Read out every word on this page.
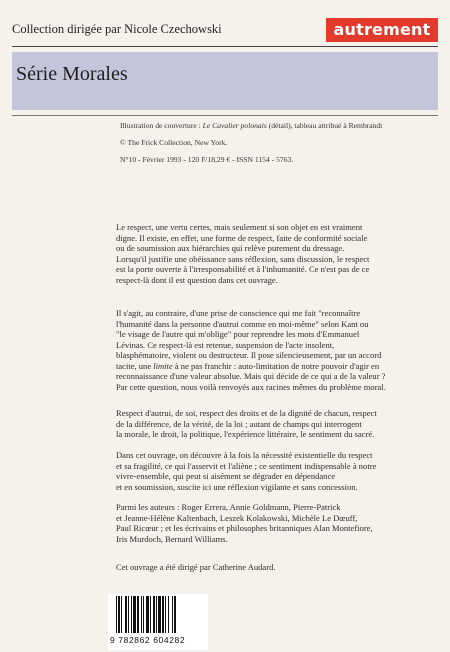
Collection dirigée par Nicole Czechowski	autrement
Série Morales
Illustration de couverture : Le Cavalier polonais (détail), tableau attribué à Rembrandt
© The Frick Collection, New York.
N°10 - Février 1993 - 120 F/18,29 € - ISSN 1154 - 5763.

Le respect, une vertu certes, mais seulement si son objet en est vraiment

digne. Il existe, en effet, une forme de respect, faite de conformité sociale

ou de soumission aux hiérarchies qui relève purement du dressage.

Lorsqu'il justifie une obéissance sans réflexion, sans discussion, le respect

est la porte ouverte à l'irresponsabilité et à l'inhumanité. Ce n'est pas de ce

respect-là dont il est question dans cet ouvrage.

Il s'agit, au contraire, d'une prise de conscience qui me fait "reconnaître

l'humanité dans la personne d'autrui comme en moi-même" selon Kant ou

"le visage de l'autre qui m'oblige" pour reprendre les mots d'Emmanuel

Lévinas. Ce respect-là est retenue, suspension de l'acte insolent,

blasphématoire, violent ou destructeur. Il pose silencieusement, par un accord

tacite, une limite à ne pas franchir : auto-limitation de notre pouvoir d'agir en

reconnaissance d'une valeur absolue. Mais qui décide de ce qui a de la valeur ?

Par cette question, nous voilà renvoyés aux racines mêmes du problème moral.

Respect d'autrui, de soi, respect des droits et de la dignité de chacun, respect

de la différence, de la vérité, de la loi ; autant de champs qui interrogent

la morale, le droit, la politique, l'expérience littéraire, le sentiment du sacré.

Dans cet ouvrage, on découvre à la fois la nécessité existentielle du respect

et sa fragilité, ce qui l'asservit et l'aliène ; ce sentiment indispensable à notre

vivre-ensemble, qui peut si aisément se dégrader en dépendance

et en soumission, suscite ici une réflexion vigilante et sans concession.

Parmi les auteurs : Roger Errera, Annie Goldmann, Pierre-Patrick

et Jeanne-Hélène Kaltenbach, Leszek Kolakowski, Michèle Le Dœuff,

Paul Ricœur ; et les écrivains et philosophes britanniques Alan Montefiore,

Iris Murdoch, Bernard Williams.

Cet ouvrage a été dirigé par Catherine Audard.

9 782862 604282
